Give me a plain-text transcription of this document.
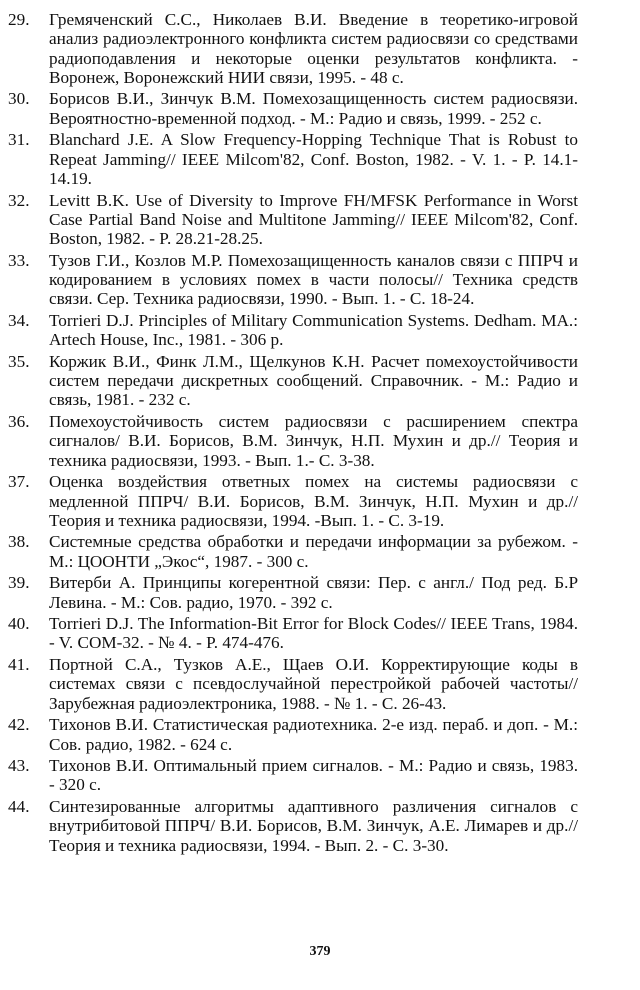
29.	Гремяченский С.С., Николаев В.И. Введение в теоретико-игровой анализ радиоэлектронного конфликта систем радиосвязи со средствами радиоподавления и некоторые оценки результатов конфликта. - Воронеж, Воронежский НИИ связи, 1995. - 48 с.
30.	Борисов В.И., Зинчук В.М. Помехозащищенность систем радиосвязи. Вероятностно-временной подход. - М.: Радио и связь, 1999. - 252 с.
31.	Blanchard J.E. A Slow Frequency-Hopping Technique That is Robust to Repeat Jamming// IEEE Milcom'82, Conf. Boston, 1982. - V. 1. - P. 14.1-14.19.
32.	Levitt B.K. Use of Diversity to Improve FH/MFSK Performance in Worst Case Partial Band Noise and Multitone Jamming// IEEE Milcom'82, Conf. Boston, 1982. - P. 28.21-28.25.
33.	Тузов Г.И., Козлов М.Р. Помехозащищенность каналов связи с ППРЧ и кодированием в условиях помех в части полосы// Техника средств связи. Сер. Техника радиосвязи, 1990. - Вып. 1. - С. 18-24.
34.	Torrieri D.J. Principles of Military Communication Systems. Dedham. MA.: Artech House, Inc., 1981. - 306 p.
35.	Коржик В.И., Финк Л.М., Щелкунов К.Н. Расчет помехоустойчивости систем передачи дискретных сообщений. Справочник. - М.: Радио и связь, 1981. - 232 с.
36.	Помехоустойчивость систем радиосвязи с расширением спектра сигналов/ В.И. Борисов, В.М. Зинчук, Н.П. Мухин и др.// Теория и техника радиосвязи, 1993. - Вып. 1.- С. 3-38.
37.	Оценка воздействия ответных помех на системы радиосвязи с медленной ППРЧ/ В.И. Борисов, В.М. Зинчук, Н.П. Мухин и др.// Теория и техника радиосвязи, 1994. -Вып. 1. - С. 3-19.
38.	Системные средства обработки и передачи информации за рубежом. - М.: ЦООНТИ „Экос“, 1987. - 300 с.
39.	Витерби А. Принципы когерентной связи: Пер. с англ./ Под ред. Б.Р Левина. - М.: Сов. радио, 1970. - 392 с.
40.	Torrieri D.J. The Information-Bit Error for Block Codes// IEEE Trans, 1984. - V. COM-32. - № 4. - P. 474-476.
41.	Портной С.А., Тузков А.Е., Щаев О.И. Корректирующие коды в системах связи с псевдослучайной перестройкой рабочей частоты// Зарубежная радиоэлектроника, 1988. - № 1. - С. 26-43.
42.	Тихонов В.И. Статистическая радиотехника. 2-е изд. пераб. и доп. - М.: Сов. радио, 1982. - 624 с.
43.	Тихонов В.И. Оптимальный прием сигналов. - М.: Радио и связь, 1983. - 320 с.
44.	Синтезированные алгоритмы адаптивного различения сигналов с внутрибитовой ППРЧ/ В.И. Борисов, В.М. Зинчук, А.Е. Лимарев и др.// Теория и техника радиосвязи, 1994. - Вып. 2. - С. 3-30.
379
